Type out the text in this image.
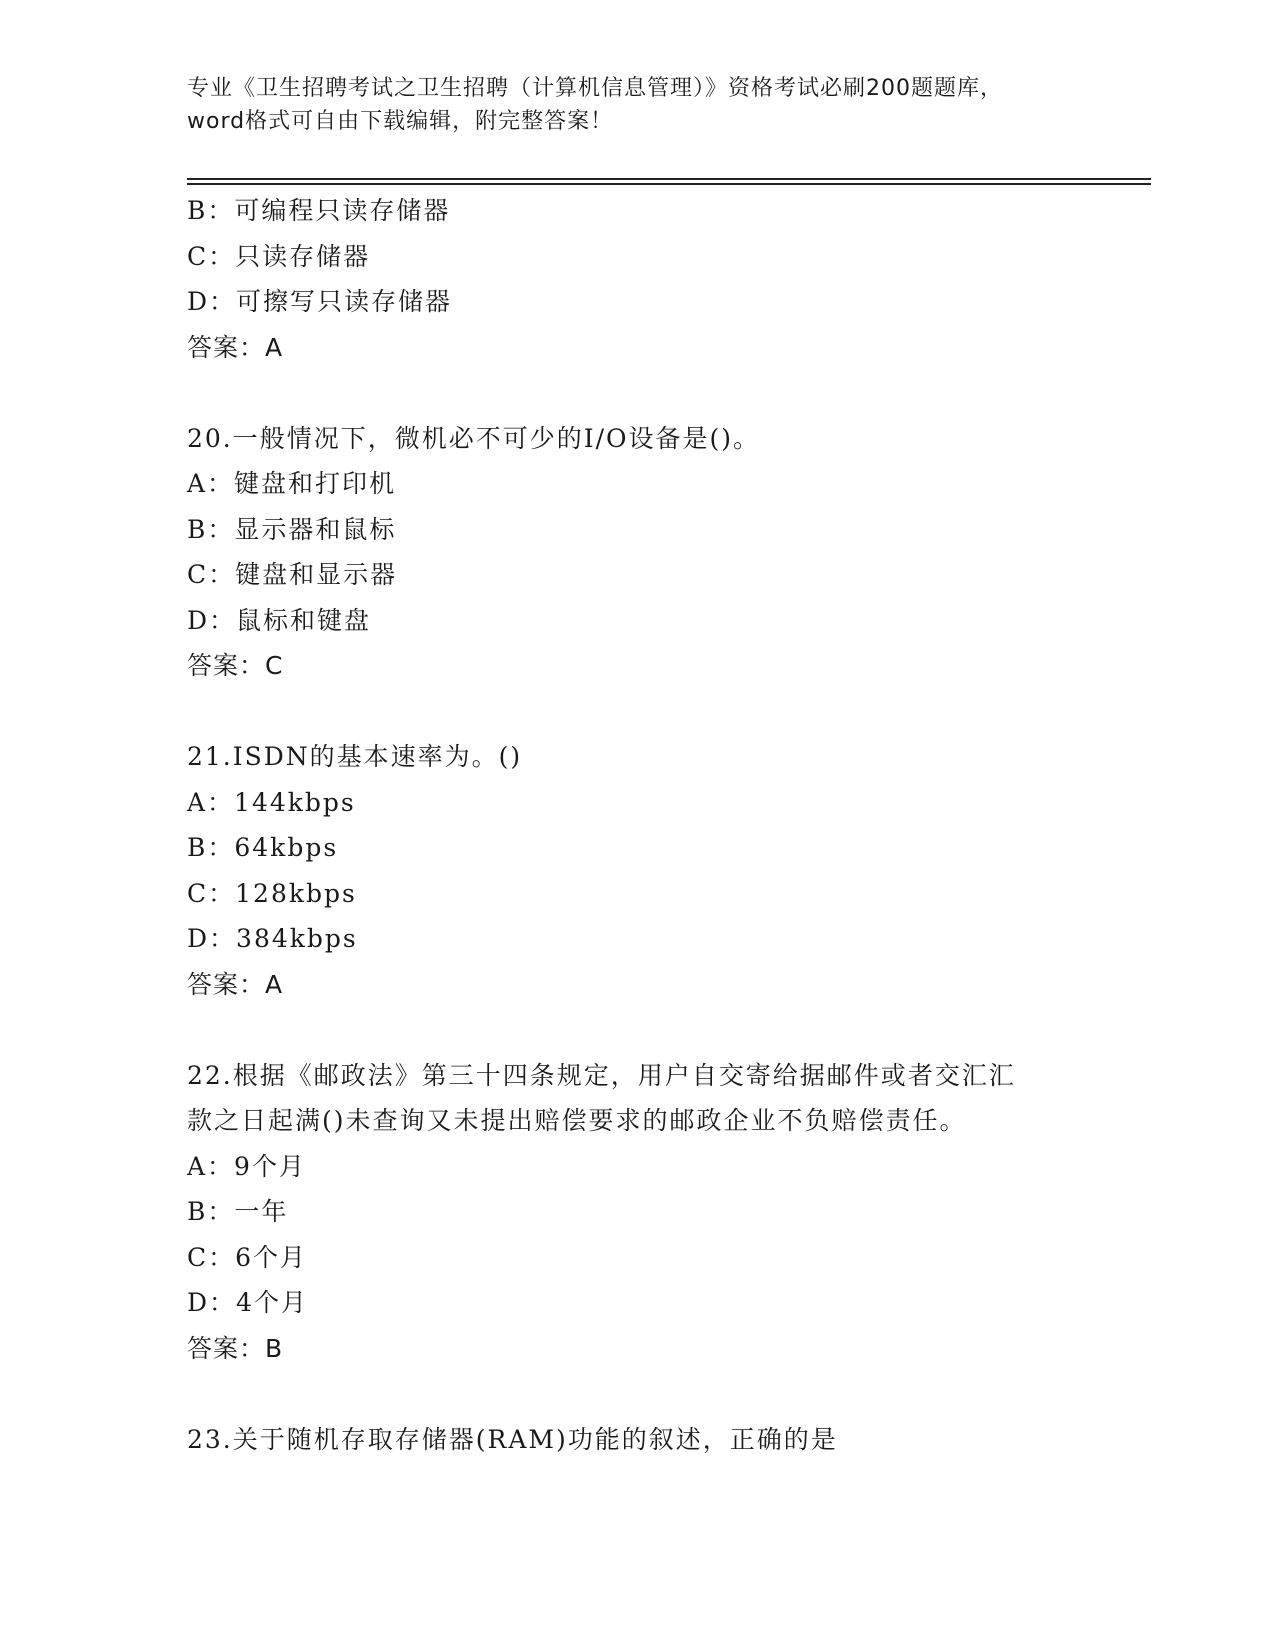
专业《卫生招聘考试之卫生招聘（计算机信息管理）》资格考试必刷200题题库，
word格式可自由下载编辑，附完整答案！
B：可编程只读存储器
C：只读存储器
D：可擦写只读存储器
答案：A
20.一般情况下，微机必不可少的I/O设备是()。
A：键盘和打印机
B：显示器和鼠标
C：键盘和显示器
D：鼠标和键盘
答案：C
21.ISDN的基本速率为。()
A：144kbps
B：64kbps
C：128kbps
D：384kbps
答案：A
22.根据《邮政法》第三十四条规定，用户自交寄给据邮件或者交汇汇
款之日起满()未查询又未提出赔偿要求的邮政企业不负赔偿责任。
A：9个月
B：一年
C：6个月
D：4个月
答案：B
23.关于随机存取存储器(RAM)功能的叙述，正确的是
